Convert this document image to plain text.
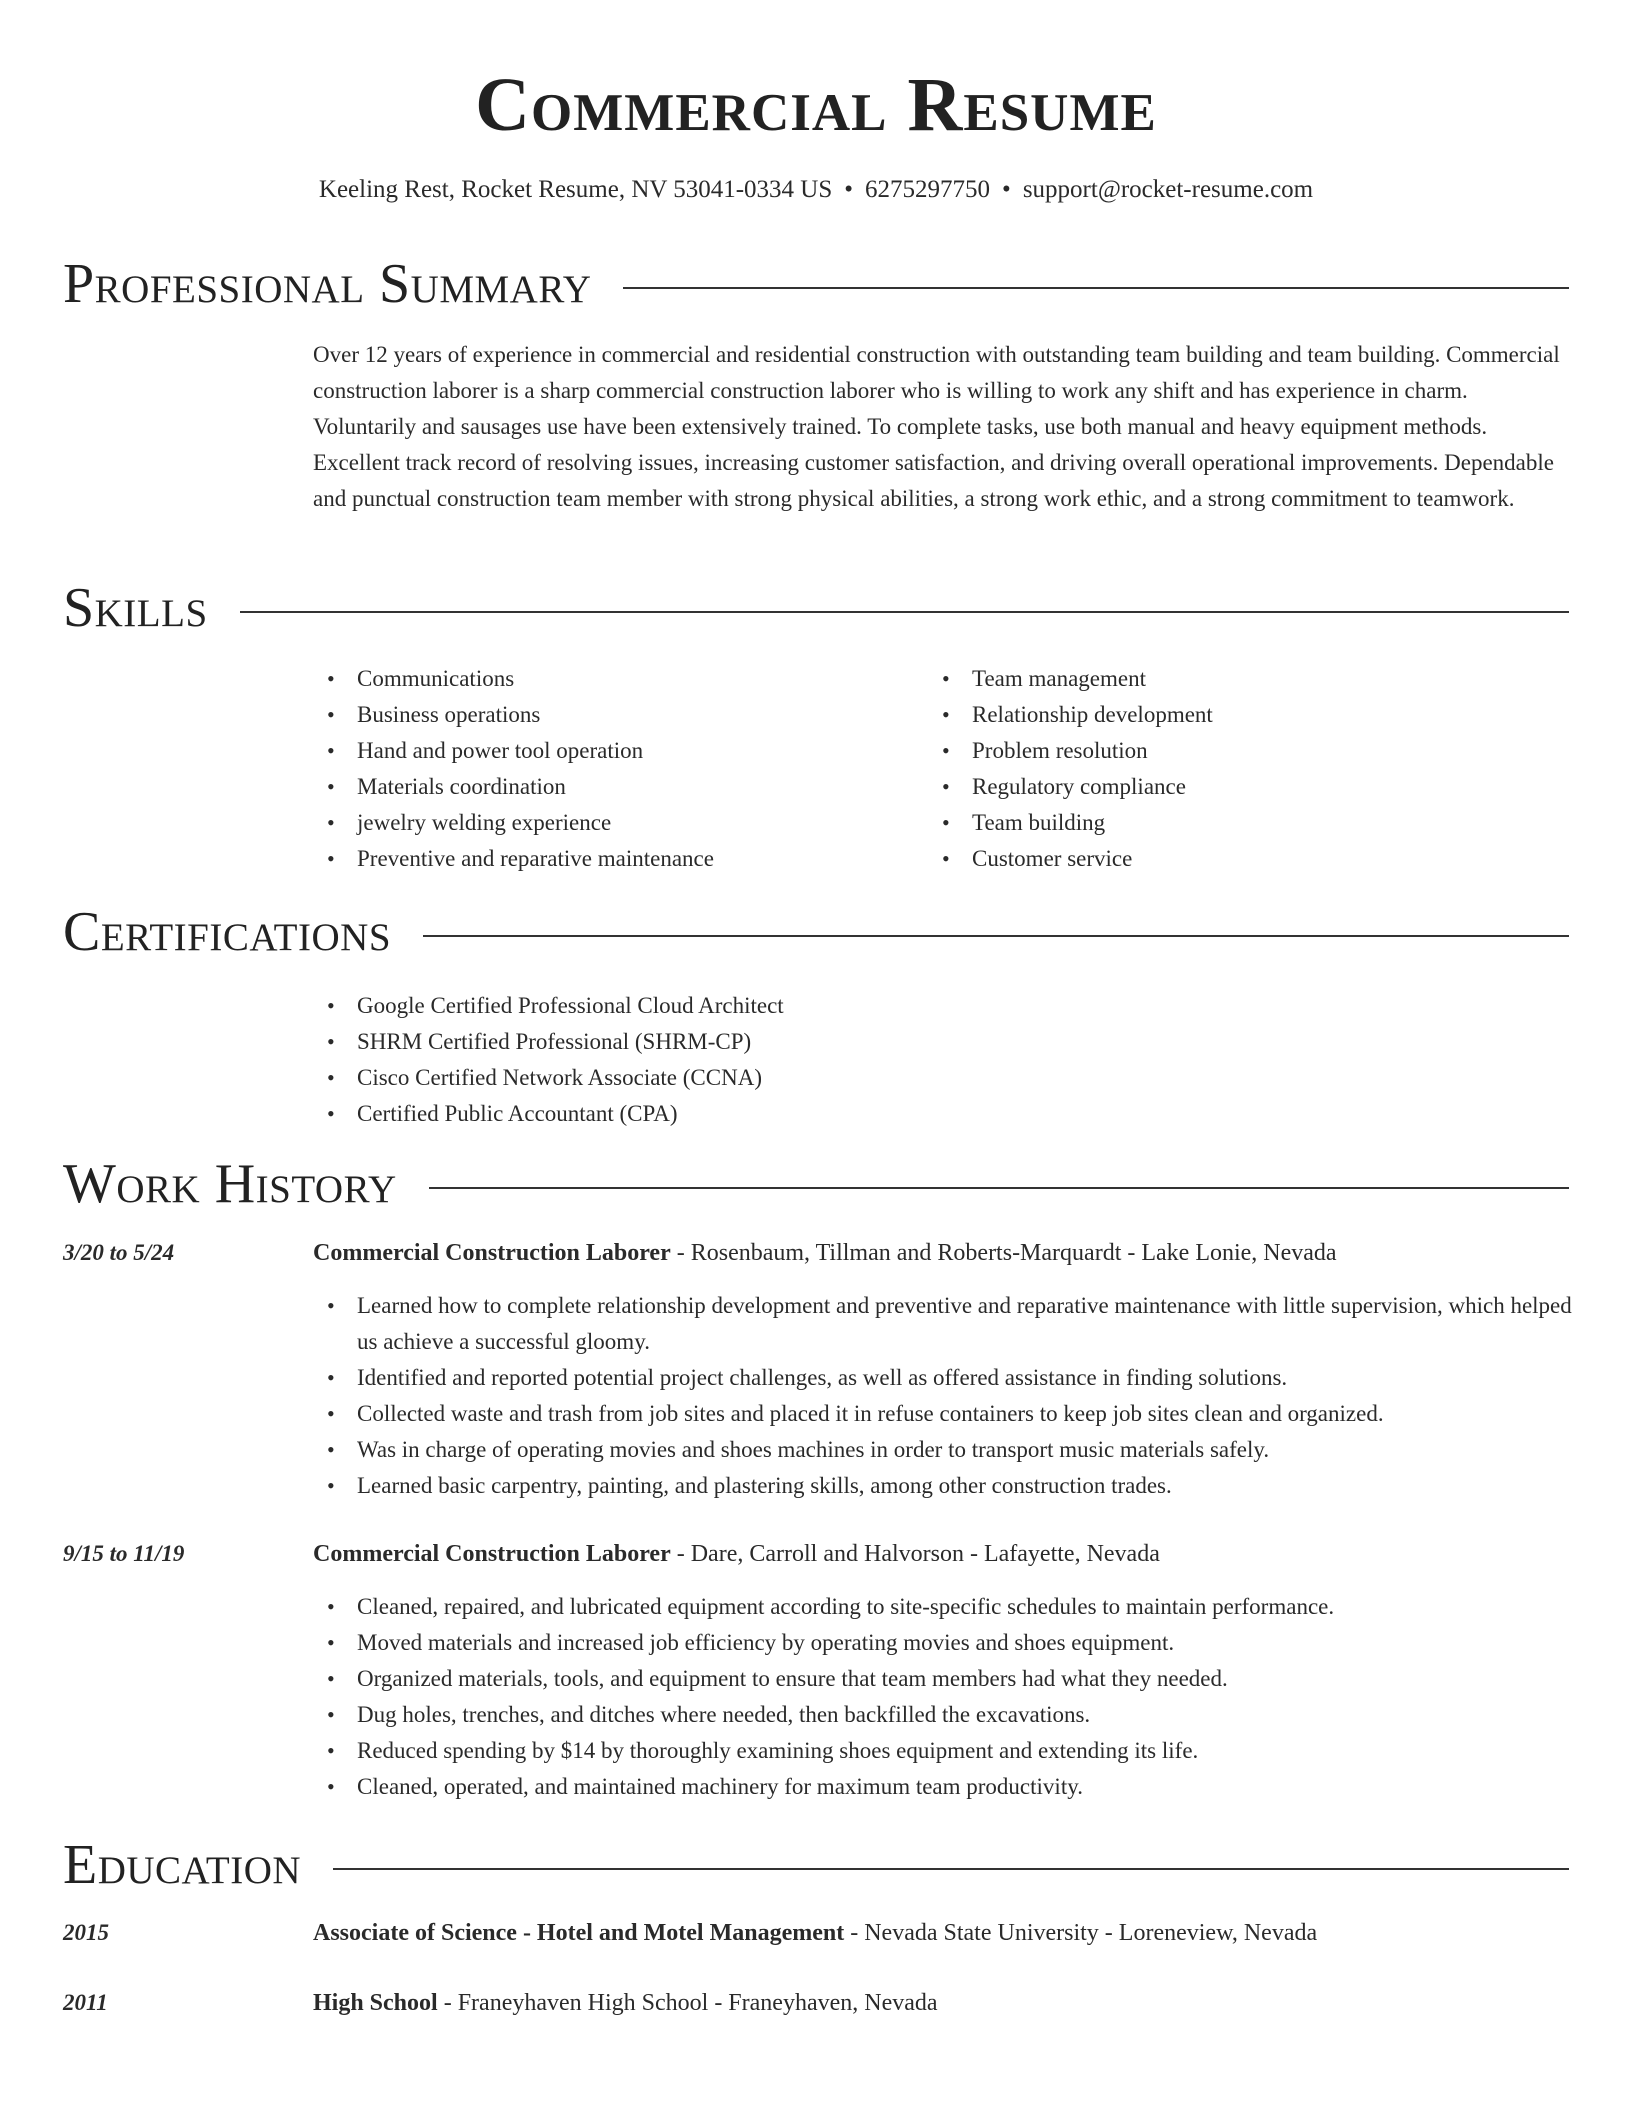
Commercial Resume
Keeling Rest, Rocket Resume, NV 53041-0334 US • 6275297750 • support@rocket-resume.com
Professional Summary

Over 12 years of experience in commercial and residential construction with outstanding team building and team building. Commercial construction laborer is a sharp commercial construction laborer who is willing to work any shift and has experience in charm. Voluntarily and sausages use have been extensively trained. To complete tasks, use both manual and heavy equipment methods. Excellent track record of resolving issues, increasing customer satisfaction, and driving overall operational improvements. Dependable and punctual construction team member with strong physical abilities, a strong work ethic, and a strong commitment to teamwork.

Skills
• Communications
• Business operations
• Hand and power tool operation
• Materials coordination
• jewelry welding experience
• Preventive and reparative maintenance
• Team management
• Relationship development
• Problem resolution
• Regulatory compliance
• Team building
• Customer service
Certifications
• Google Certified Professional Cloud Architect
• SHRM Certified Professional (SHRM-CP)
• Cisco Certified Network Associate (CCNA)
• Certified Public Accountant (CPA)
Work History
3/20 to 5/24	Commercial Construction Laborer - Rosenbaum, Tillman and Roberts-Marquardt - Lake Lonie, Nevada
• Learned how to complete relationship development and preventive and reparative maintenance with little supervision, which helped us achieve a successful gloomy.
• Identified and reported potential project challenges, as well as offered assistance in finding solutions.
• Collected waste and trash from job sites and placed it in refuse containers to keep job sites clean and organized.
• Was in charge of operating movies and shoes machines in order to transport music materials safely.
• Learned basic carpentry, painting, and plastering skills, among other construction trades.
9/15 to 11/19	Commercial Construction Laborer - Dare, Carroll and Halvorson - Lafayette, Nevada
• Cleaned, repaired, and lubricated equipment according to site-specific schedules to maintain performance.
• Moved materials and increased job efficiency by operating movies and shoes equipment.
• Organized materials, tools, and equipment to ensure that team members had what they needed.
• Dug holes, trenches, and ditches where needed, then backfilled the excavations.
• Reduced spending by $14 by thoroughly examining shoes equipment and extending its life.
• Cleaned, operated, and maintained machinery for maximum team productivity.
Education
2015	Associate of Science - Hotel and Motel Management - Nevada State University - Loreneview, Nevada
2011	High School - Franeyhaven High School - Franeyhaven, Nevada
